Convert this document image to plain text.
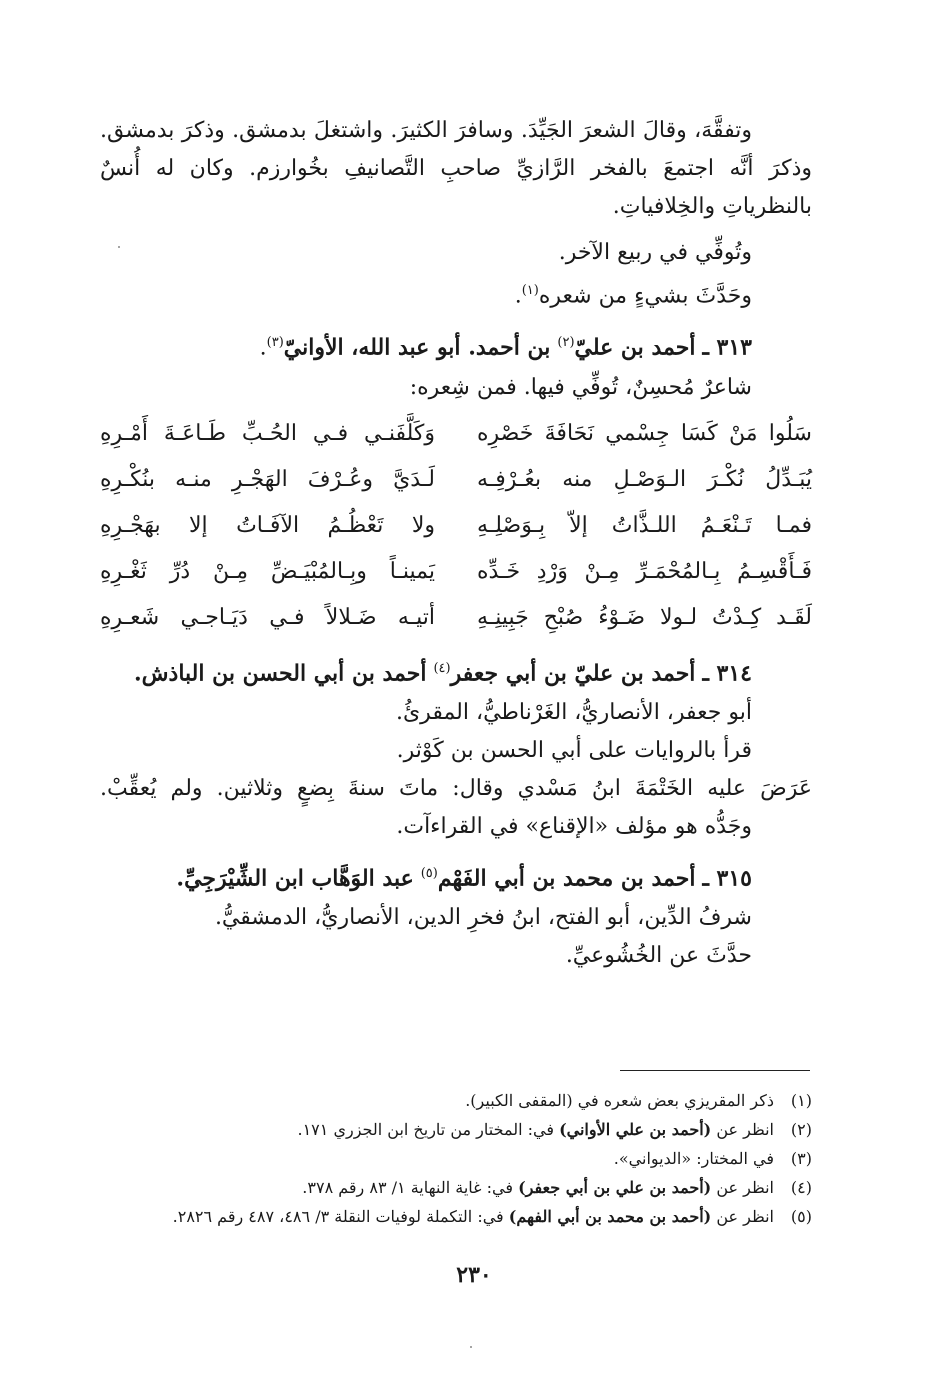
وتفقَّهَ، وقالَ الشعرَ الجَيِّدَ. وسافرَ الكثيرَ. واشتغلَ بدمشق. وذكرَ بدمشق.
وذكرَ أنَّه اجتمعَ بالفخر الرَّازيِّ صاحبِ التَّصانيفِ بخُوارزم. وكان له أُنسٌ
بالنظرياتِ والخِلافياتِ.
وتُوفِّي في ربيع الآخر.
وحَدَّثَ بشيءٍ من شعره$^{(١)}$.
٣١٣ ـ أحمد بن عليّ$^{(٢)}$ بن أحمد. أبو عبد الله، الأوانيّ$^{(٣)}$.
شاعرٌ مُحسِنٌ، تُوفِّي فيها. فمن شِعره:
سَلُوا مَنْ كَسَا جِسْمي نَحَافَةَ خَصْرِه
وَكَلَّفَنـي فـي الحُـبِّ طَـاعَـةَ أَمْـرِهِ
يُبَـدِّلُ نُكْـرَ الـوَصْـلِ منه بعُـرْفِـه
لَـدَيَّ وعُـرْفَ الهَجْـرِ منـه بنُكْـرِهِ
فمـا تَـنْعَـمُ اللـذَّاتُ إلاّ بِـوَصْلِـهِ
ولا تَعْظُـمُ الآفَـاتُ إلا بهَجْـرِهِ
فَـأَقْسِـمُ بِـالمُحْمَـرِّ مِـنْ وَرْدِ خَـدِّه
يَمينـاً وبِـالمُبْيَـضِّ مِـنْ دُرِّ ثَغْـرِهِ
لَقَـد كِـدْتُ لـولا ضَـوْءُ صُبْحِ جَبِينِـهِ
أتيـه ضَـلالاً فـي دَيَـاجـي شَعـرِهِ
٣١٤ ـ أحمد بن عليّ بن أبي جعفر$^{(٤)}$ أحمد بن أبي الحسن بن الباذش.
أبو جعفر، الأنصاريُّ، الغَرْناطيُّ، المقرئُ.
قرأ بالروايات على أبي الحسن بن كَوْثر.
عَرَضَ عليه الخَتْمَةَ ابنُ مَسْدي وقال: ماتَ سنةَ بِضعٍ وثلاثين. ولم يُعقِّبْ.
وجَدُّه هو مؤلف «الإقناع» في القراءآت.
٣١٥ ـ أحمد بن محمد بن أبي الفَهْم$^{(٥)}$ عبد الوَهَّاب ابن الشِّيْرَجِيِّ.
شرفُ الدِّين، أبو الفتح، ابنُ فخرِ الدين، الأنصاريُّ، الدمشقيُّ.
حدَّثَ عن الخُشُوعيِّ.
(١)
ذكر المقريزي بعض شعره في (المقفى الكبير).
(٢)
انظر عن (أحمد بن علي الأواني) في: المختار من تاريخ ابن الجزري ١٧١.
(٣)
في المختار: «الديواني».
(٤)
انظر عن (أحمد بن علي بن أبي جعفر) في: غاية النهاية ١/ ٨٣ رقم ٣٧٨.
(٥)
انظر عن (أحمد بن محمد بن أبي الفهم) في: التكملة لوفيات النقلة ٣/ ٤٨٦، ٤٨٧ رقم ٢٨٢٦.
٢٣٠
